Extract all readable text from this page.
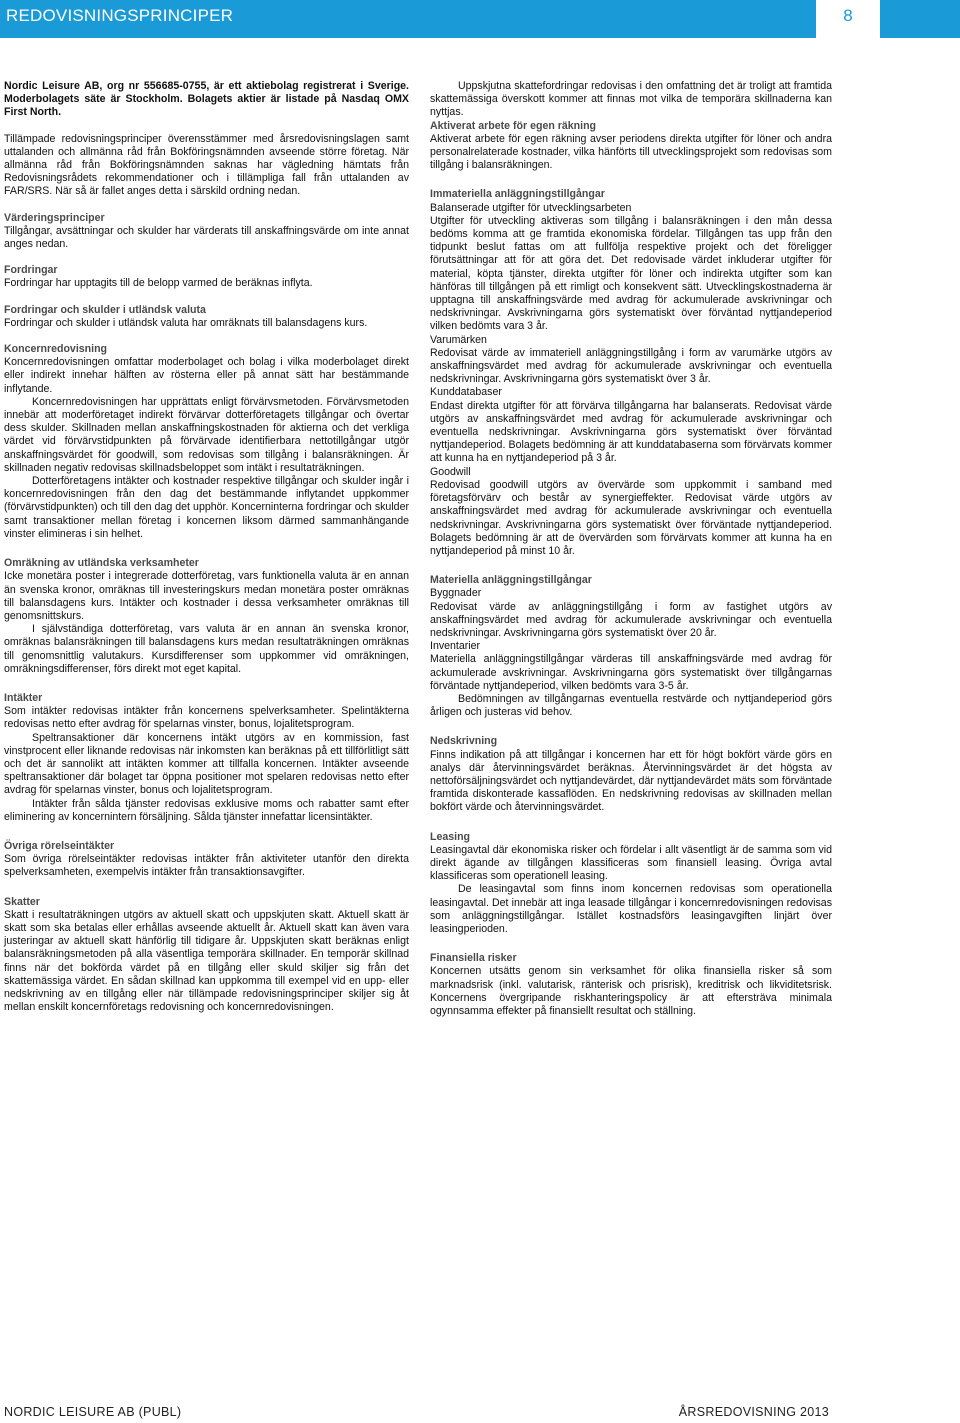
REDOVISNINGSPRINCIPER	8

Nordic Leisure AB, org nr 556685-0755, är ett aktiebolag registrerat i Sverige. Moderbolagets säte är Stockholm. Bolagets aktier är listade på Nasdaq OMX First North.

Tillämpade redovisningsprinciper överensstämmer med årsredovisningslagen samt uttalanden och allmänna råd från Bokföringsnämnden avseende större företag. När allmänna råd från Bokföringsnämnden saknas har vägledning hämtats från Redovisningsrådets rekommendationer och i tillämpliga fall från uttalanden av FAR/SRS. När så är fallet anges detta i särskild ordning nedan.

Värderingsprinciper

Tillgångar, avsättningar och skulder har värderats till anskaffningsvärde om inte annat anges nedan.

Fordringar

Fordringar har upptagits till de belopp varmed de beräknas inflyta.

Fordringar och skulder i utländsk valuta

Fordringar och skulder i utländsk valuta har omräknats till balansdagens kurs.

Koncernredovisning

Koncernredovisningen omfattar moderbolaget och bolag i vilka moderbolaget direkt eller indirekt innehar hälften av rösterna eller på annat sätt har bestämmande inflytande.

Koncernredovisningen har upprättats enligt förvärvsmetoden. Förvärvsmetoden innebär att moderföretaget indirekt förvärvar dotterföretagets tillgångar och övertar dess skulder. Skillnaden mellan anskaffningskostnaden för aktierna och det verkliga värdet vid förvärvstidpunkten på förvärvade identifierbara nettotillgångar utgör anskaffningsvärdet för goodwill, som redovisas som tillgång i balansräkningen. Är skillnaden negativ redovisas skillnadsbeloppet som intäkt i resultaträkningen.

Dotterföretagens intäkter och kostnader respektive tillgångar och skulder ingår i koncernredovisningen från den dag det bestämmande inflytandet uppkommer (förvärvstidpunkten) och till den dag det upphör. Koncerninterna fordringar och skulder samt transaktioner mellan företag i koncernen liksom därmed sammanhängande vinster elimineras i sin helhet.

Omräkning av utländska verksamheter

Icke monetära poster i integrerade dotterföretag, vars funktionella valuta är en annan än svenska kronor, omräknas till investeringskurs medan monetära poster omräknas till balansdagens kurs. Intäkter och kostnader i dessa verksamheter omräknas till genomsnittskurs.

I självständiga dotterföretag, vars valuta är en annan än svenska kronor, omräknas balansräkningen till balansdagens kurs medan resultaträkningen omräknas till genomsnittlig valutakurs. Kursdifferenser som uppkommer vid omräkningen, omräkningsdifferenser, förs direkt mot eget kapital.

Intäkter

Som intäkter redovisas intäkter från koncernens spelverksamheter. Spelintäkterna redovisas netto efter avdrag för spelarnas vinster, bonus, lojalitetsprogram.

Speltransaktioner där koncernens intäkt utgörs av en kommission, fast vinstprocent eller liknande redovisas när inkomsten kan beräknas på ett tillförlitligt sätt och det är sannolikt att intäkten kommer att tillfalla koncernen. Intäkter avseende speltransaktioner där bolaget tar öppna positioner mot spelaren redovisas netto efter avdrag för spelarnas vinster, bonus och lojalitetsprogram.

Intäkter från sålda tjänster redovisas exklusive moms och rabatter samt efter eliminering av koncernintern försäljning. Sålda tjänster innefattar licensintäkter.

Övriga rörelseintäkter

Som övriga rörelseintäkter redovisas intäkter från aktiviteter utanför den direkta spelverksamheten, exempelvis intäkter från transaktionsavgifter.

Skatter

Skatt i resultaträkningen utgörs av aktuell skatt och uppskjuten skatt. Aktuell skatt är skatt som ska betalas eller erhållas avseende aktuellt år. Aktuell skatt kan även vara justeringar av aktuell skatt hänförlig till tidigare år. Uppskjuten skatt beräknas enligt balansräkningsmetoden på alla väsentliga temporära skillnader. En temporär skillnad finns när det bokförda värdet på en tillgång eller skuld skiljer sig från det skattemässiga värdet. En sådan skillnad kan uppkomma till exempel vid en upp- eller nedskrivning av en tillgång eller när tillämpade redovisningsprinciper skiljer sig åt mellan enskilt koncernföretags redovisning och koncernredovisningen.

Uppskjutna skattefordringar redovisas i den omfattning det är troligt att framtida skattemässiga överskott kommer att finnas mot vilka de temporära skillnaderna kan nyttjas.

Aktiverat arbete för egen räkning

Aktiverat arbete för egen räkning avser periodens direkta utgifter för löner och andra personalrelaterade kostnader, vilka hänförts till utvecklingsprojekt som redovisas som tillgång i balansräkningen.

Immateriella anläggningstillgångar

Balanserade utgifter för utvecklingsarbeten

Utgifter för utveckling aktiveras som tillgång i balansräkningen i den mån dessa bedöms komma att ge framtida ekonomiska fördelar. Tillgången tas upp från den tidpunkt beslut fattas om att fullfölja respektive projekt och det föreligger förutsättningar att för att göra det. Det redovisade värdet inkluderar utgifter för material, köpta tjänster, direkta utgifter för löner och indirekta utgifter som kan hänföras till tillgången på ett rimligt och konsekvent sätt. Utvecklingskostnaderna är upptagna till anskaffningsvärde med avdrag för ackumulerade avskrivningar och nedskrivningar. Avskrivningarna görs systematiskt över förväntad nyttjandeperiod vilken bedömts vara 3 år.

Varumärken

Redovisat värde av immateriell anläggningstillgång i form av varumärke utgörs av anskaffningsvärdet med avdrag för ackumulerade avskrivningar och eventuella nedskrivningar. Avskrivningarna görs systematiskt över 3 år.

Kunddatabaser

Endast direkta utgifter för att förvärva tillgångarna har balanserats. Redovisat värde utgörs av anskaffningsvärdet med avdrag för ackumulerade avskrivningar och eventuella nedskrivningar. Avskrivningarna görs systematiskt över förväntad nyttjandeperiod. Bolagets bedömning är att kunddatabaserna som förvärvats kommer att kunna ha en nyttjandeperiod på 3 år.

Goodwill

Redovisad goodwill utgörs av övervärde som uppkommit i samband med företagsförvärv och består av synergieffekter. Redovisat värde utgörs av anskaffningsvärdet med avdrag för ackumulerade avskrivningar och eventuella nedskrivningar. Avskrivningarna görs systematiskt över förväntade nyttjandeperiod. Bolagets bedömning är att de övervärden som förvärvats kommer att kunna ha en nyttjandeperiod på minst 10 år.

Materiella anläggningstillgångar

Byggnader

Redovisat värde av anläggningstillgång i form av fastighet utgörs av anskaffningsvärdet med avdrag för ackumulerade avskrivningar och eventuella nedskrivningar. Avskrivningarna görs systematiskt över 20 år.

Inventarier

Materiella anläggningstillgångar värderas till anskaffningsvärde med avdrag för ackumulerade avskrivningar. Avskrivningarna görs systematiskt över tillgångarnas förväntade nyttjandeperiod, vilken bedömts vara 3-5 år.

Bedömningen av tillgångarnas eventuella restvärde och nyttjandeperiod görs årligen och justeras vid behov.

Nedskrivning

Finns indikation på att tillgångar i koncernen har ett för högt bokfört värde görs en analys där återvinningsvärdet beräknas. Återvinningsvärdet är det högsta av nettoförsäljningsvärdet och nyttjandevärdet, där nyttjandevärdet mäts som förväntade framtida diskonterade kassaflöden. En nedskrivning redovisas av skillnaden mellan bokfört värde och återvinningsvärdet.

Leasing

Leasingavtal där ekonomiska risker och fördelar i allt väsentligt är de samma som vid direkt ägande av tillgången klassificeras som finansiell leasing. Övriga avtal klassificeras som operationell leasing.

De leasingavtal som finns inom koncernen redovisas som operationella leasingavtal. Det innebär att inga leasade tillgångar i koncernredovisningen redovisas som anläggningstillgångar. Istället kostnadsförs leasingavgiften linjärt över leasingperioden.

Finansiella risker

Koncernen utsätts genom sin verksamhet för olika finansiella risker så som marknadsrisk (inkl. valutarisk, ränterisk och prisrisk), kreditrisk och likviditetsrisk. Koncernens övergripande riskhanteringspolicy är att eftersträva minimala ogynnsamma effekter på finansiellt resultat och ställning.

NORDIC LEISURE AB (PUBL)	ÅRSREDOVISNING 2013
